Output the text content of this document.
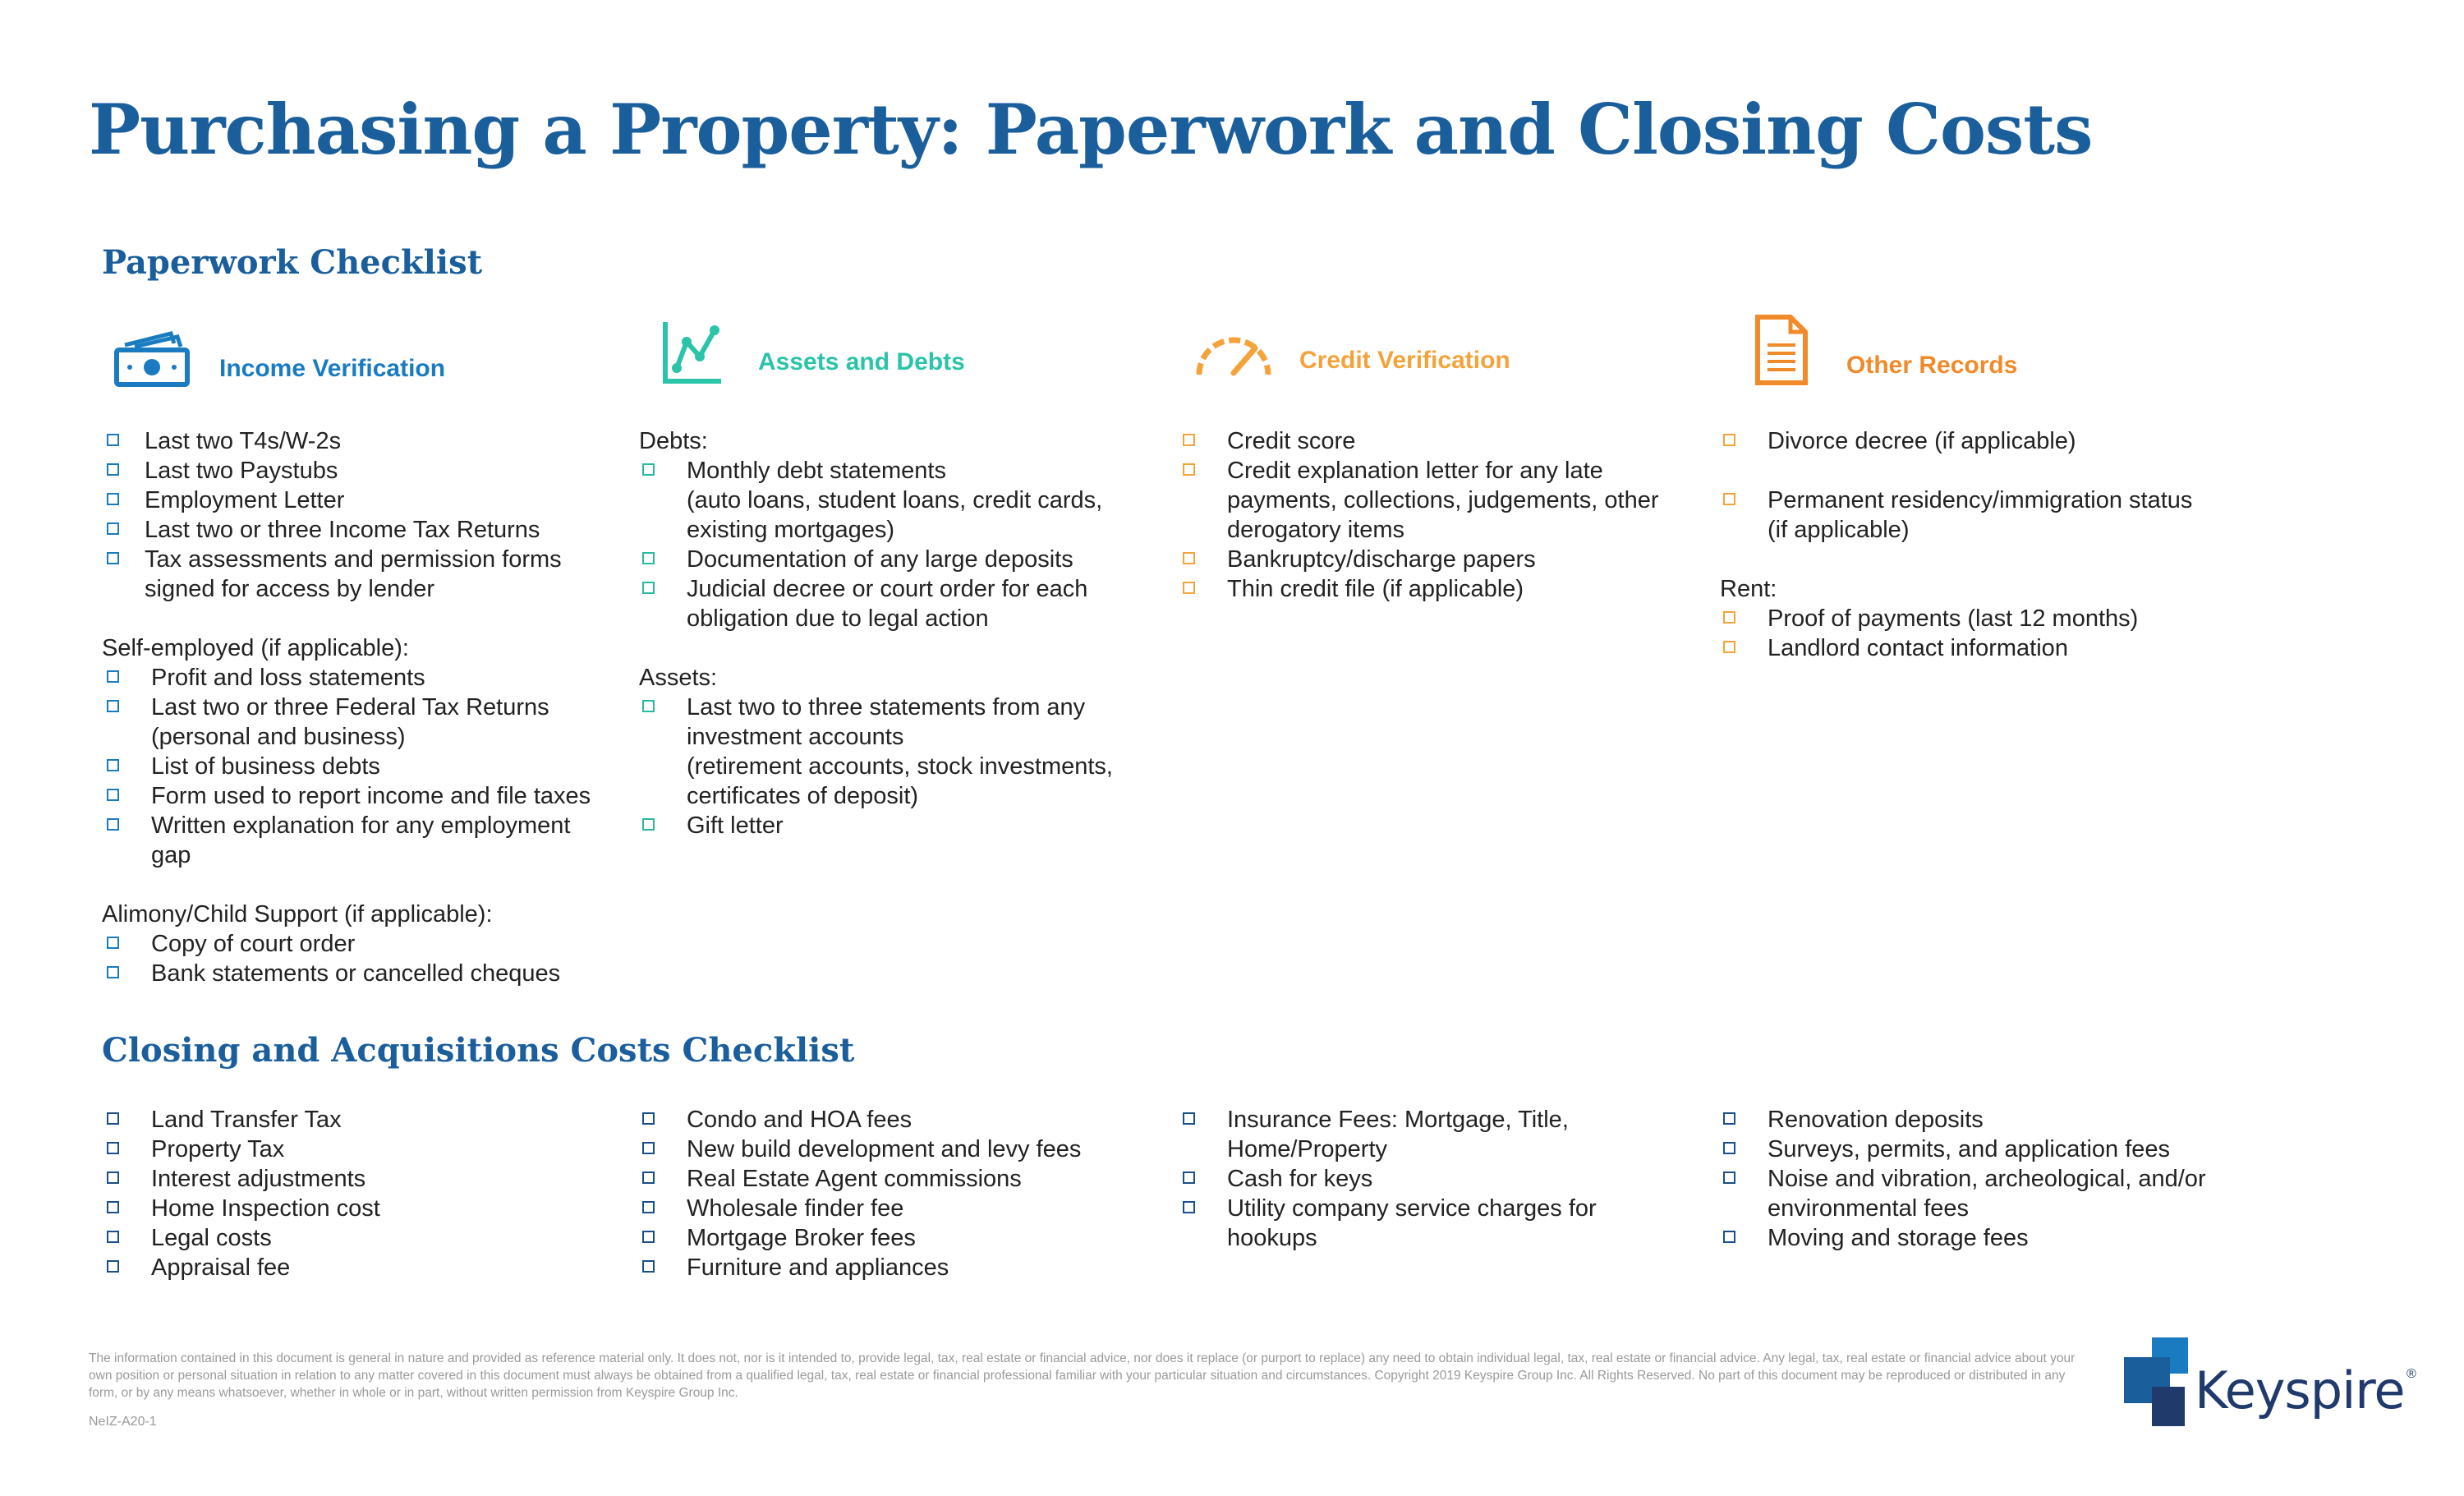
Purchasing a Property: Paperwork and Closing Costs
Paperwork Checklist
Income Verification	Assets and Debts	Credit Verification	Other Records
Last two T4s/W-2s
Last two Paystubs
Employment Letter
Last two or three Income Tax Returns
Tax assessments and permission forms
signed for access by lender
Self-employed (if applicable):
Profit and loss statements
Last two or three Federal Tax Returns
(personal and business)
List of business debts
Form used to report income and file taxes
Written explanation for any employment
gap
Alimony/Child Support (if applicable):
Copy of court order
Bank statements or cancelled cheques
Debts:
Monthly debt statements
(auto loans, student loans, credit cards,
existing mortgages)
Documentation of any large deposits
Judicial decree or court order for each
obligation due to legal action
Assets:
Last two to three statements from any
investment accounts
(retirement accounts, stock investments,
certificates of deposit)
Gift letter
Credit score
Credit explanation letter for any late
payments, collections, judgements, other
derogatory items
Bankruptcy/discharge papers
Thin credit file (if applicable)
Divorce decree (if applicable)
Permanent residency/immigration status
(if applicable)
Rent:
Proof of payments (last 12 months)
Landlord contact information
Closing and Acquisitions Costs Checklist
Land Transfer Tax
Property Tax
Interest adjustments
Home Inspection cost
Legal costs
Appraisal fee
Condo and HOA fees
New build development and levy fees
Real Estate Agent commissions
Wholesale finder fee
Mortgage Broker fees
Furniture and appliances
Insurance Fees: Mortgage, Title,
Home/Property
Cash for keys
Utility company service charges for
hookups
Renovation deposits
Surveys, permits, and application fees
Noise and vibration, archeological, and/or
environmental fees
Moving and storage fees
The information contained in this document is general in nature and provided as reference material only. It does not, nor is it intended to, provide legal, tax, real estate or financial advice, nor does it replace (or purport to replace) any need to obtain individual legal, tax, real estate or financial advice. Any legal, tax, real estate or financial advice about your own position or personal situation in relation to any matter covered in this document must always be obtained from a qualified legal, tax, real estate or financial professional familiar with your particular situation and circumstances. Copyright 2019 Keyspire Group Inc. All Rights Reserved. No part of this document may be reproduced or distributed in any form, or by any means whatsoever, whether in whole or in part, without written permission from Keyspire Group Inc.
NeIZ-A20-1
Keyspire ®
